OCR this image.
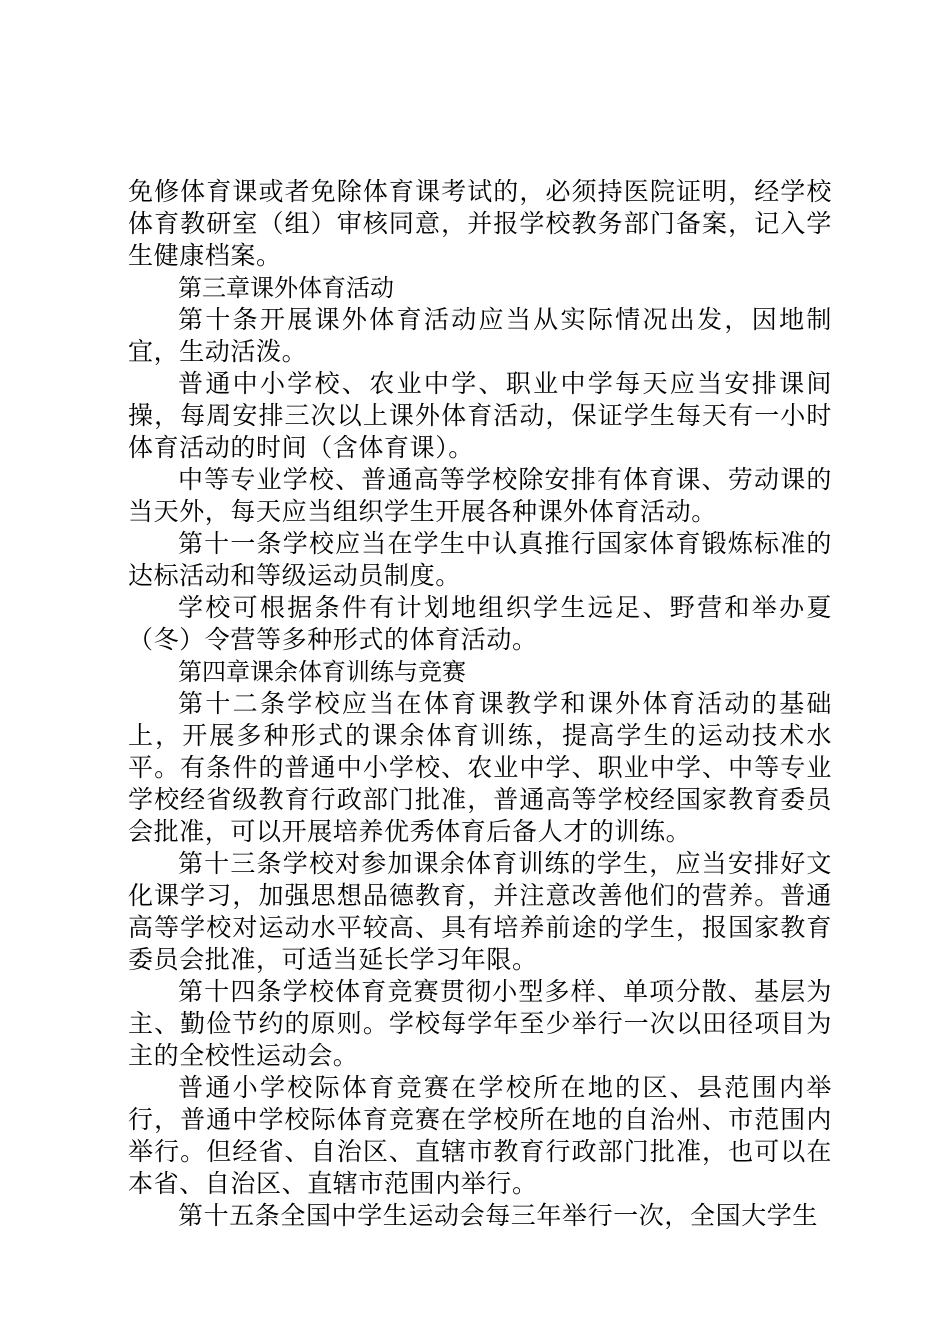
免修体育课或者免除体育课考试的，必须持医院证明，经学校体育教研室（组）审核同意，并报学校教务部门备案，记入学生健康档案。

第三章课外体育活动

第十条开展课外体育活动应当从实际情况出发，因地制宜，生动活泼。

普通中小学校、农业中学、职业中学每天应当安排课间操，每周安排三次以上课外体育活动，保证学生每天有一小时体育活动的时间（含体育课）。

中等专业学校、普通高等学校除安排有体育课、劳动课的当天外，每天应当组织学生开展各种课外体育活动。

第十一条学校应当在学生中认真推行国家体育锻炼标准的达标活动和等级运动员制度。

学校可根据条件有计划地组织学生远足、野营和举办夏（冬）令营等多种形式的体育活动。

第四章课余体育训练与竞赛

第十二条学校应当在体育课教学和课外体育活动的基础上，开展多种形式的课余体育训练，提高学生的运动技术水平。有条件的普通中小学校、农业中学、职业中学、中等专业学校经省级教育行政部门批准，普通高等学校经国家教育委员会批准，可以开展培养优秀体育后备人才的训练。

第十三条学校对参加课余体育训练的学生，应当安排好文化课学习，加强思想品德教育，并注意改善他们的营养。普通高等学校对运动水平较高、具有培养前途的学生，报国家教育委员会批准，可适当延长学习年限。

第十四条学校体育竞赛贯彻小型多样、单项分散、基层为主、勤俭节约的原则。学校每学年至少举行一次以田径项目为主的全校性运动会。

普通小学校际体育竞赛在学校所在地的区、县范围内举行，普通中学校际体育竞赛在学校所在地的自治州、市范围内举行。但经省、自治区、直辖市教育行政部门批准，也可以在本省、自治区、直辖市范围内举行。

第十五条全国中学生运动会每三年举行一次，全国大学生
